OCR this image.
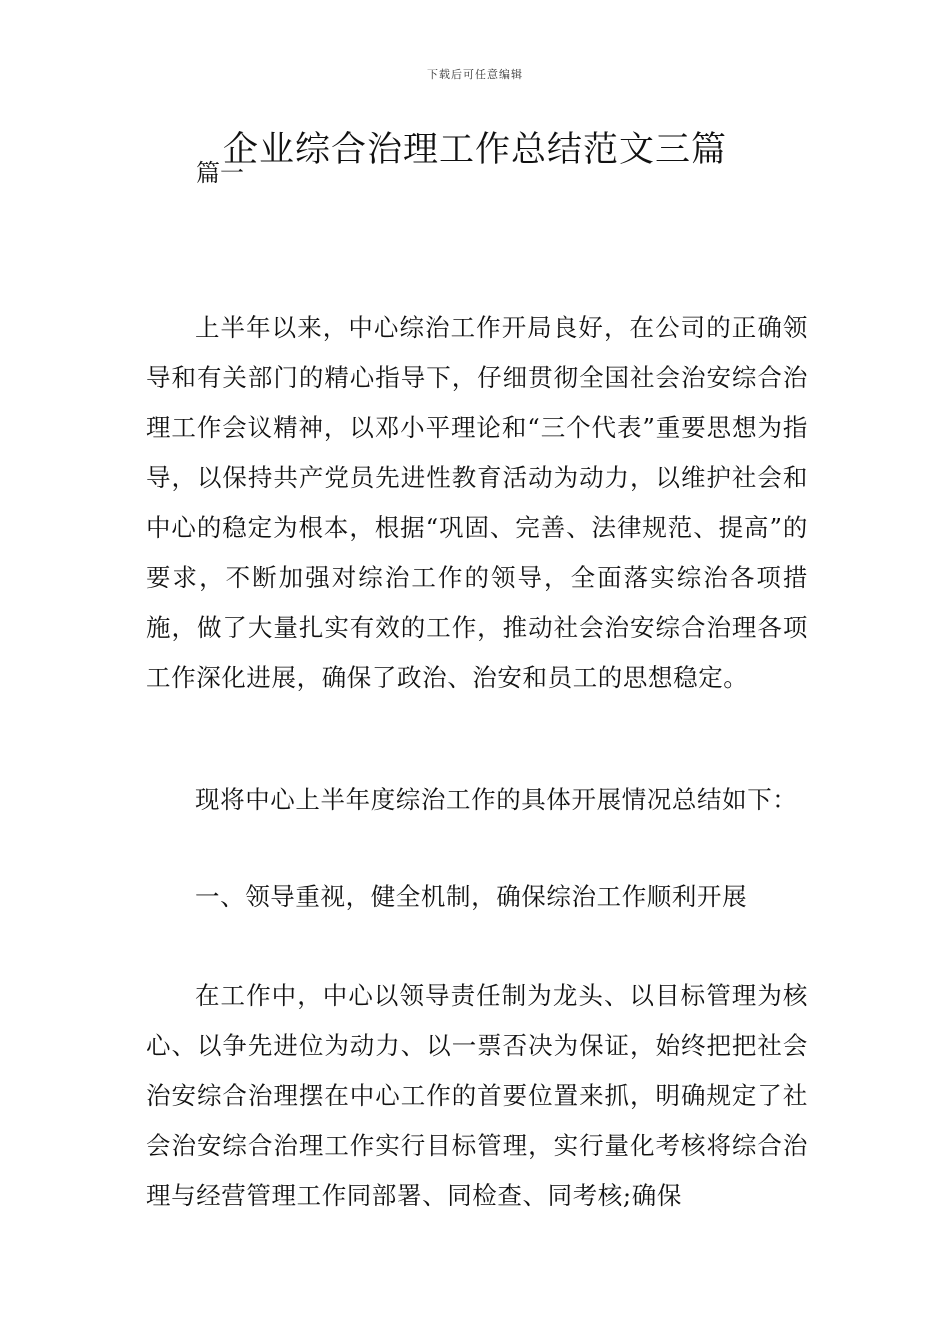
下载后可任意编辑
企业综合治理工作总结范文三篇
篇一

上半年以来，中心综治工作开局良好，在公司的正确领导和有关部门的精心指导下，仔细贯彻全国社会治安综合治理工作会议精神，以邓小平理论和“三个代表”重要思想为指导，以保持共产党员先进性教育活动为动力，以维护社会和中心的稳定为根本，根据“巩固、完善、法律规范、提高”的要求，不断加强对综治工作的领导，全面落实综治各项措施，做了大量扎实有效的工作，推动社会治安综合治理各项工作深化进展，确保了政治、治安和员工的思想稳定。

现将中心上半年度综治工作的具体开展情况总结如下：

一、领导重视，健全机制，确保综治工作顺利开展

在工作中，中心以领导责任制为龙头、以目标管理为核心、以争先进位为动力、以一票否决为保证，始终把把社会治安综合治理摆在中心工作的首要位置来抓，明确规定了社会治安综合治理工作实行目标管理，实行量化考核将综合治理与经营管理工作同部署、同检查、同考核;确保
